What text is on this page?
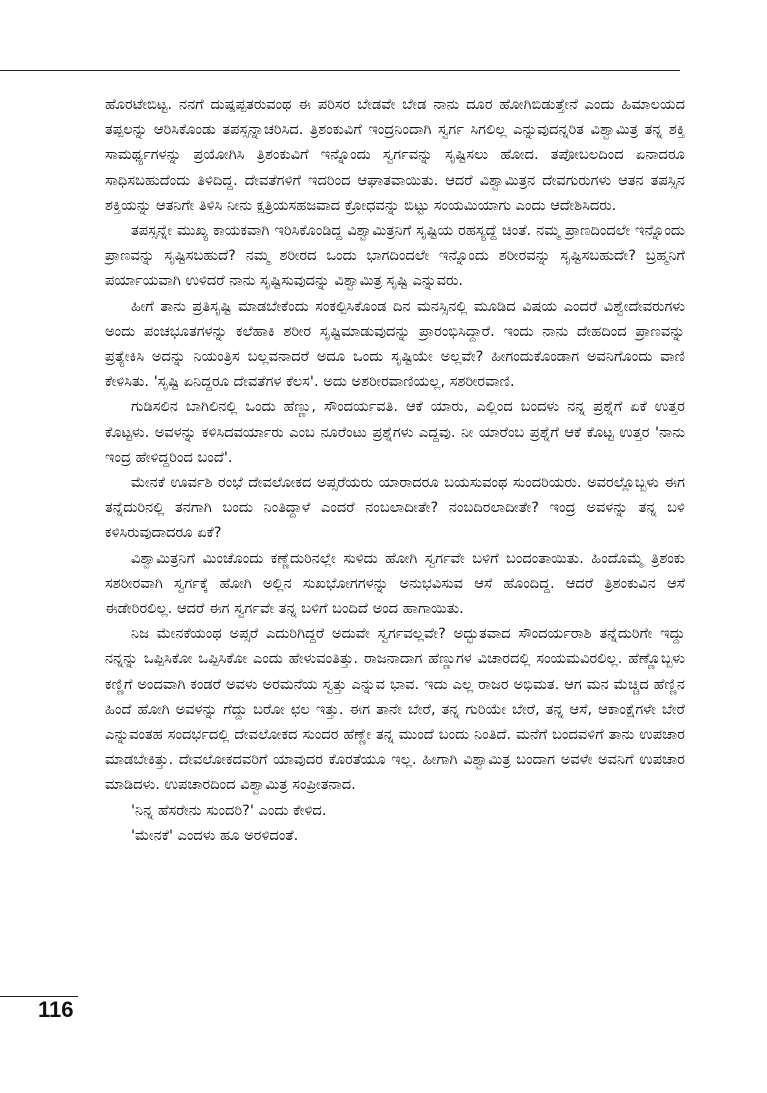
ಹೊರಟೇಬಿಟ್ಟ. ನನಗೆ ದುಷ್ಪಪ್ಪತರುವಂಥ ಈ ಪರಿಸರ ಬೇಡವೇ ಬೇಡ ನಾನು ದೂರ ಹೋಗಿಬಿಡುತ್ತೇನೆ ಎಂದು ಹಿಮಾಲಯದ ತಪ್ಪಲನ್ನು ಆರಿಸಿಕೊಂಡು ತಪಸ್ಸನ್ನಾಚರಿಸಿದ. ತ್ರಿಶಂಕುವಿಗೆ ಇಂದ್ರನಿಂದಾಗಿ ಸ್ವರ್ಗ ಸಿಗಲಿಲ್ಲ ಎನ್ನುವುದನ್ನರಿತ ವಿಶ್ವಾಮಿತ್ರ ತನ್ನ ಶಕ್ತಿ ಸಾಮರ್ಥ್ಯಗಳನ್ನು ಪ್ರಯೋಗಿಸಿ ತ್ರಿಶಂಕುವಿಗೆ ಇನ್ನೊಂದು ಸ್ವರ್ಗವನ್ನು ಸೃಷ್ಟಿಸಲು ಹೋದ. ತಪೋಬಲದಿಂದ ಏನಾದರೂ ಸಾಧಿಸಬಹುದೆಂದು ತಿಳಿದಿದ್ದ. ದೇವತೆಗಳಿಗೆ ಇದರಿಂದ ಆಘಾತವಾಯಿತು. ಆದರೆ ವಿಶ್ವಾಮಿತ್ರನ ದೇವಗುರುಗಳು ಆತನ ತಪಸ್ಸಿನ ಶಕ್ತಿಯನ್ನು ಆತನಿಗೇ ತಿಳಿಸಿ ನೀನು ಕ್ಷತ್ರಿಯಸಹಜವಾದ ಕ್ರೋಧವನ್ನು ಬಿಟ್ಟು ಸಂಯಮಿಯಾಗು ಎಂದು ಆದೇಶಿಸಿದರು.

ತಪಸ್ಸನ್ನೇ ಮುಖ್ಯ ಕಾಯಕವಾಗಿ ಇರಿಸಿಕೊಂಡಿದ್ದ ವಿಶ್ವಾಮಿತ್ರನಿಗೆ ಸೃಷ್ಟಿಯ ರಹಸ್ಯದ್ದೆ ಚಿಂತೆ. ನಮ್ಮ ಪ್ರಾಣದಿಂದಲೇ ಇನ್ನೊಂದು ಪ್ರಾಣವನ್ನು ಸೃಷ್ಟಿಸಬಹುದೆ? ನಮ್ಮ ಶರೀರದ ಒಂದು ಭಾಗದಿಂದಲೇ ಇನ್ನೊಂದು ಶರೀರವನ್ನು ಸೃಷ್ಟಿಸಬಹುದೇ? ಬ್ರಹ್ಮನಿಗೆ ಪರ್ಯಾಯವಾಗಿ ಉಳಿದರೆ ನಾನು ಸೃಷ್ಟಿಸುವುದನ್ನು ವಿಶ್ವಾಮಿತ್ರ ಸೃಷ್ಟಿ ಎನ್ನುವರು.

ಹೀಗೆ ತಾನು ಪ್ರತಿಸೃಷ್ಟಿ ಮಾಡಬೇಕೆಂದು ಸಂಕಲ್ಪಿಸಿಕೊಂಡ ದಿನ ಮನಸ್ಸಿನಲ್ಲಿ ಮೂಡಿದ ವಿಷಯ ಎಂದರೆ ವಿಶ್ವೇದೇವರುಗಳು ಅಂದು ಪಂಚಭೂತಗಳನ್ನು ಕಲೆಹಾಕಿ ಶರೀರ ಸೃಷ್ಟಿಮಾಡುವುದನ್ನು ಪ್ರಾರಂಭಿಸಿದ್ದಾರೆ. ಇಂದು ನಾನು ದೇಹದಿಂದ ಪ್ರಾಣವನ್ನು ಪ್ರತ್ಯೇಕಿಸಿ ಅದನ್ನು ನಿಯಂತ್ರಿಸ ಬಲ್ಲವನಾದರೆ ಅದೂ ಒಂದು ಸೃಷ್ಟಿಯೇ ಅಲ್ಲವೇ? ಹೀಗಂದುಕೊಂಡಾಗ ಅವನಿಗೊಂದು ವಾಣಿ ಕೇಳಿಸಿತು. 'ಸೃಷ್ಟಿ ಏನಿದ್ದರೂ ದೇವತೆಗಳ ಕೆಲಸ'. ಅದು ಅಶರೀರವಾಣಿಯಲ್ಲ, ಸಶರೀರವಾಣಿ.

ಗುಡಿಸಲಿನ ಬಾಗಿಲಿನಲ್ಲಿ ಒಂದು ಹೆಣ್ಣು, ಸೌಂದರ್ಯವತಿ. ಆಕೆ ಯಾರು, ಎಲ್ಲಿಂದ ಬಂದಳು ನನ್ನ ಪ್ರಶ್ನೆಗೆ ಏಕೆ ಉತ್ತರ ಕೊಟ್ಟಳು. ಅವಳನ್ನು ಕಳಿಸಿದವರ್ಯಾರು ಎಂಬ ನೂರೆಂಟು ಪ್ರಶ್ನೆಗಳು ಎದ್ದವು. ನೀ ಯಾರೆಂಬ ಪ್ರಶ್ನೆಗೆ ಆಕೆ ಕೊಟ್ಟ ಉತ್ತರ 'ನಾನು ಇಂದ್ರ ಹೇಳಿದ್ದರಿಂದ ಬಂದೆ'.

ಮೇನಕೆ ಊರ್ವಶಿ ರಂಭೆ ದೇವಲೋಕದ ಅಪ್ಸರೆಯರು ಯಾರಾದರೂ ಬಯಸುವಂಥ ಸುಂದರಿಯರು. ಅವರಲ್ಲೊಬ್ಬಳು ಈಗ ತನ್ನೆದುರಿನಲ್ಲಿ ತನಗಾಗಿ ಬಂದು ನಿಂತಿದ್ದಾಳೆ ಎಂದರೆ ನಂಬಲಾದೀತೇ? ನಂಬದಿರಲಾದೀತೇ? ಇಂದ್ರ ಅವಳನ್ನು ತನ್ನ ಬಳಿ ಕಳಿಸಿರುವುದಾದರೂ ಏಕೆ?

ವಿಶ್ವಾಮಿತ್ರನಿಗೆ ಮಿಂಚೊಂದು ಕಣ್ಣೆದುರಿನಲ್ಲೇ ಸುಳಿದು ಹೋಗಿ ಸ್ವರ್ಗವೇ ಬಳಿಗೆ ಬಂದಂತಾಯಿತು. ಹಿಂದೊಮ್ಮೆ ತ್ರಿಶಂಕು ಸಶರೀರವಾಗಿ ಸ್ವರ್ಗಕ್ಕೆ ಹೋಗಿ ಅಲ್ಲಿನ ಸುಖಭೋಗಗಳನ್ನು ಅನುಭವಿಸುವ ಆಸೆ ಹೊಂದಿದ್ದ. ಆದರೆ ತ್ರಿಶಂಕುವಿನ ಆಸೆ ಈಡೇರಿರಲಿಲ್ಲ. ಆದರೆ ಈಗ ಸ್ವರ್ಗವೇ ತನ್ನ ಬಳಿಗೆ ಬಂದಿದೆ ಅಂದ ಹಾಗಾಯಿತು.

ನಿಜ ಮೇನಕೆಯಂಥ ಅಪ್ಸರೆ ಎದುರಿಗಿದ್ದರೆ ಅದುವೇ ಸ್ವರ್ಗವಲ್ಲವೇ? ಅದ್ಭುತವಾದ ಸೌಂದರ್ಯರಾಶಿ ತನ್ನೆದುರಿಗೇ ಇದ್ದು ನನ್ನನ್ನು ಒಪ್ಪಿಸಿಕೋ ಒಪ್ಪಿಸಿಕೋ ಎಂದು ಹೇಳುವಂತಿತ್ತು. ರಾಜನಾದಾಗ ಹೆಣ್ಣುಗಳ ವಿಚಾರದಲ್ಲಿ ಸಂಯಮವಿರಲಿಲ್ಲ. ಹೆಣ್ಣೊಬ್ಬಳು ಕಣ್ಣಿಗೆ ಅಂದವಾಗಿ ಕಂಡರೆ ಅವಳು ಅರಮನೆಯ ಸ್ವತ್ತು ಎನ್ನುವ ಭಾವ. ಇದು ಎಲ್ಲ ರಾಜರ ಅಭಿಮತ. ಆಗ ಮನ ಮೆಚ್ಚಿದ ಹೆಣ್ಣಿನ ಹಿಂದೆ ಹೋಗಿ ಅವಳನ್ನು ಗೆದ್ದು ಬರೋ ಛಲ ಇತ್ತು. ಈಗ ತಾನೇ ಬೇರೆ, ತನ್ನ ಗುರಿಯೇ ಬೇರೆ, ತನ್ನ ಆಸೆ, ಆಕಾಂಕ್ಷೆಗಳೇ ಬೇರೆ ಎನ್ನುವಂತಹ ಸಂದರ್ಭದಲ್ಲಿ ದೇವಲೋಕದ ಸುಂದರ ಹೆಣ್ಣೇ ತನ್ನ ಮುಂದೆ ಬಂದು ನಿಂತಿದೆ. ಮನೆಗೆ ಬಂದವಳಿಗೆ ತಾನು ಉಪಚಾರ ಮಾಡಬೇಕಿತ್ತು. ದೇವಲೋಕದವರಿಗೆ ಯಾವುದರ ಕೊರತೆಯೂ ಇಲ್ಲ. ಹೀಗಾಗಿ ವಿಶ್ವಾಮಿತ್ರ ಬಂದಾಗ ಅವಳೇ ಅವನಿಗೆ ಉಪಚಾರ ಮಾಡಿದಳು. ಉಪಚಾರದಿಂದ ವಿಶ್ವಾಮಿತ್ರ ಸಂಪ್ರೀತನಾದ.

'ನಿನ್ನ ಹೆಸರೇನು ಸುಂದರಿ?' ಎಂದು ಕೇಳಿದ.

'ಮೇನಕೆ' ಎಂದಳು ಹೂ ಅರಳಿದಂತೆ.

116
